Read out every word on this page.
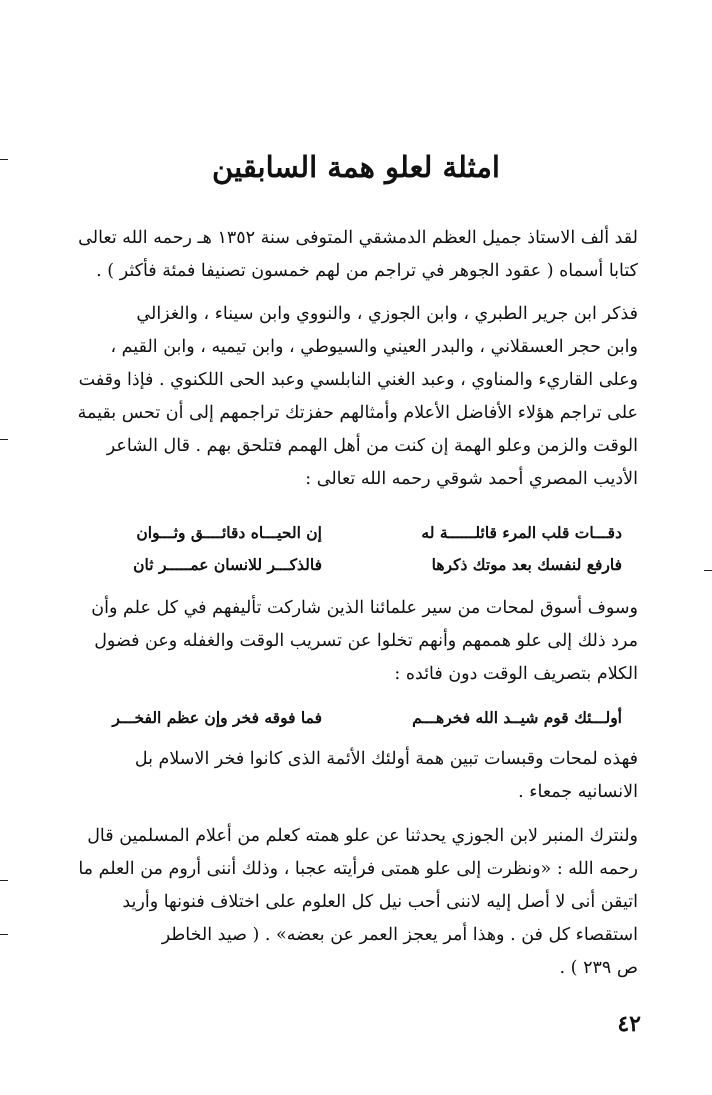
امثلة لعلو همة السابقين
لقد ألف الاستاذ جميل العظم الدمشقي المتوفى سنة ١٣٥٢ هـ رحمه الله تعالى
كتابا أسماه ( عقود الجوهر في تراجم من لهم خمسون تصنيفا فمئة فأكثر ) .
فذكر ابن جرير الطبري ، وابن الجوزي ، والنووي وابن سيناء ، والغزالي
وابن حجر العسقلاني ، والبدر العيني والسيوطي ، وابن تيميه ، وابن القيم ،
وعلى القاريء والمناوي ، وعبد الغني النابلسي وعبد الحى اللكنوي . فإذا وقفت
على تراجم هؤلاء الأفاضل الأعلام وأمثالهم حفزتك تراجمهم إلى أن تحس بقيمة
الوقت والزمن وعلو الهمة إن كنت من أهل الهمم فتلحق بهم . قال الشاعر
الأديب المصري أحمد شوقي رحمه الله تعالى :
دقـــات قلب المرء قائلــــــة له
إن الحيـــاه دقائــــق وثـــوان
فارفع لنفسك بعد موتك ذكرها
فالذكـــر للانسان عمـــــر ثان
وسوف أسوق لمحات من سير علمائنا الذين شاركت تأليفهم في كل علم وأن
مرد ذلك إلى علو هممهم وأنهم تخلوا عن تسريب الوقت والغفله وعن فضول
الكلام بتصريف الوقت دون فائده :
أولـــئك قوم شيــد الله فخرهـــم
فما فوقه فخر وإن عظم الفخـــر
فهذه لمحات وقبسات تبين همة أولئك الأئمة الذى كانوا فخر الاسلام بل
الانسانيه جمعاء .
ولنترك المنبر لابن الجوزي يحدثنا عن علو همته كعلم من أعلام المسلمين قال
رحمه الله : «ونظرت إلى علو همتى فرأيته عجبا ، وذلك أننى أروم من العلم ما
اتيقن أنى لا أصل إليه لاننى أحب نيل كل العلوم على اختلاف فنونها وأريد
استقصاء كل فن . وهذا أمر يعجز العمر عن بعضه» . ( صيد الخاطر
ص ٢٣٩ ) .
٤٢
